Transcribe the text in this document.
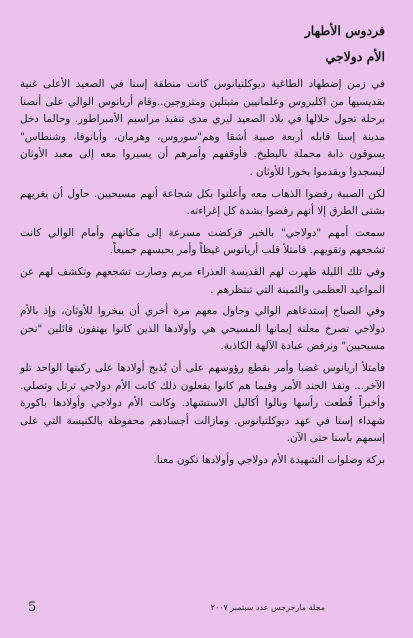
فردوس الأطهار
الأم دولاجي

في زمن إضطهاد الطاغية ديوكلتيانوس كانت منطقة إسنا في الصعيد الأعلى غنية بقديسيها من اكليروس وعلمانيين متبتلين ومتزوجين..وقام أريانوس الوالي على أنصنا برحلة تجول خلالها في بلاد الصعيد ليري مدى تنفيذ مراسيم الأمبراطور. وحالما دخل مدينة إسنا قابله أربعة صبية أشقا وهم"سوروس، وهرمان، وأبانوفا، وشنطاس" يسوقون دابة محملة بالبطيخ. فأوقفهم وأمرهم أن يسيروا معه إلى معبد الأوثان ليسجدوا ويقدموا بخورا للأوثان .

لكن الصبية رفضوا الذهاب معه وأعلنوا بكل شجاعة أنهم مسيحيين. حاول أن يغريهم بشتى الطرق إلا أنهم رفضوا بشدة كل إغراءته.

سمعت أمهم "دولاجي" بالخبر فركضت مسرعة إلى مكانهم وأمام الوالي كانت تشجعهم وتقويهم. فامتلأ قلب أريانوس غيظاً وأمر بحبسهم جميعاً.

وفي تلك الليلة ظهرت لهم القديسة العذراء مريم وصارت تشجعهم وتكشف لهم عن المواعيد العظمى والثمينة التي تنتظرهم .

وفي الصباح إستدعاهم الوالي وحاول معهم مرة أخري أن يبخروا للأوثان، وإذ بالأم دولاجي تصرخ معلنة إيمانها المسيحي هي وأولادها الذين كانوا يهتفون قائلين "نحن مسيحيين" ونرفض عبادة الآلهة الكاذبة.

فامتلأ اريانوس غضبا وأمر بقطع رؤوسهم على أن يُذبح أولادها على ركبتها الواحد تلو الآخر... ونفذ الجند الأمر وفيما هم كانوا يفعلون ذلك كانت الأم دولاجي ترتل وتصلي. وأخيراً قُطعت رأسها ونالوا أكاليل الاستشهاد. وكانت الأم دولاجي وأولادها باكورة شهداء إسنا في عهد ديوكلتيانوس. ومازالت أجسادهم محفوظة بالكنيسة التي على إسمهم باسنا حتى الآن.

بركة وصلوات الشهيدة الأم دولاجي وأولادها تكون معنا.

5	مجلة مارجرجس عدد سبتمبر ٢٠٠٧
